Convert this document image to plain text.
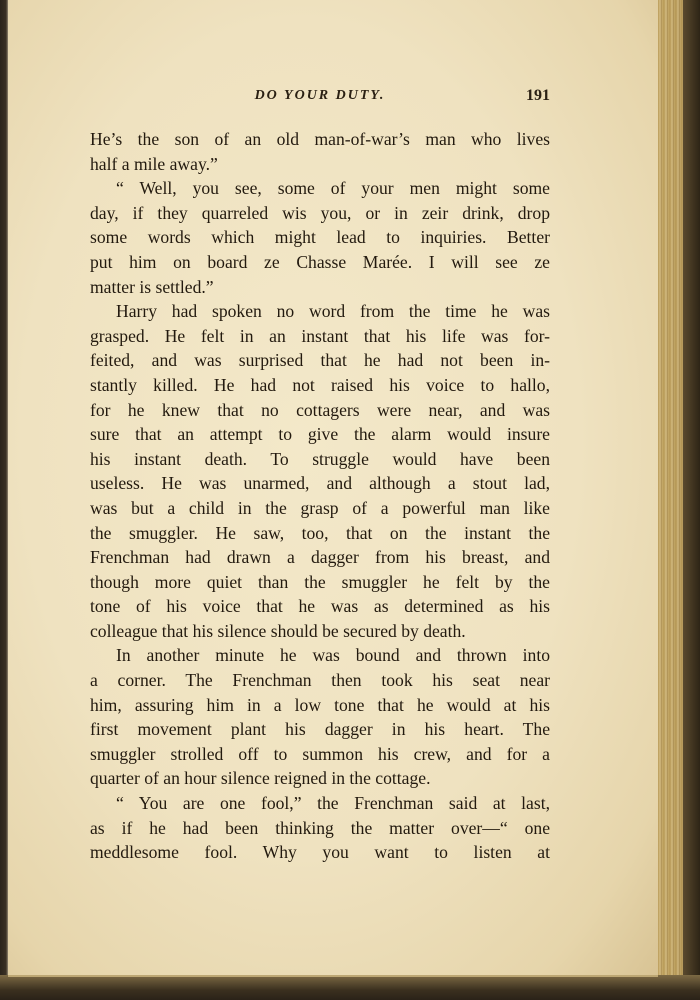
DO YOUR DUTY.	191
He’s the son of an old man-of-war’s man who lives
half a mile away.”
“ Well, you see, some of your men might some
day, if they quarreled wis you, or in zeir drink, drop
some words which might lead to inquiries. Better
put him on board ze Chasse Marée. I will see ze
matter is settled.”
Harry had spoken no word from the time he was
grasped. He felt in an instant that his life was for-
feited, and was surprised that he had not been in-
stantly killed. He had not raised his voice to hallo,
for he knew that no cottagers were near, and was
sure that an attempt to give the alarm would insure
his instant death. To struggle would have been
useless. He was unarmed, and although a stout lad,
was but a child in the grasp of a powerful man like
the smuggler. He saw, too, that on the instant the
Frenchman had drawn a dagger from his breast, and
though more quiet than the smuggler he felt by the
tone of his voice that he was as determined as his
colleague that his silence should be secured by death.
In another minute he was bound and thrown into
a corner. The Frenchman then took his seat near
him, assuring him in a low tone that he would at his
first movement plant his dagger in his heart. The
smuggler strolled off to summon his crew, and for a
quarter of an hour silence reigned in the cottage.
“ You are one fool,” the Frenchman said at last,
as if he had been thinking the matter over—“ one
meddlesome fool. Why you want to listen at
